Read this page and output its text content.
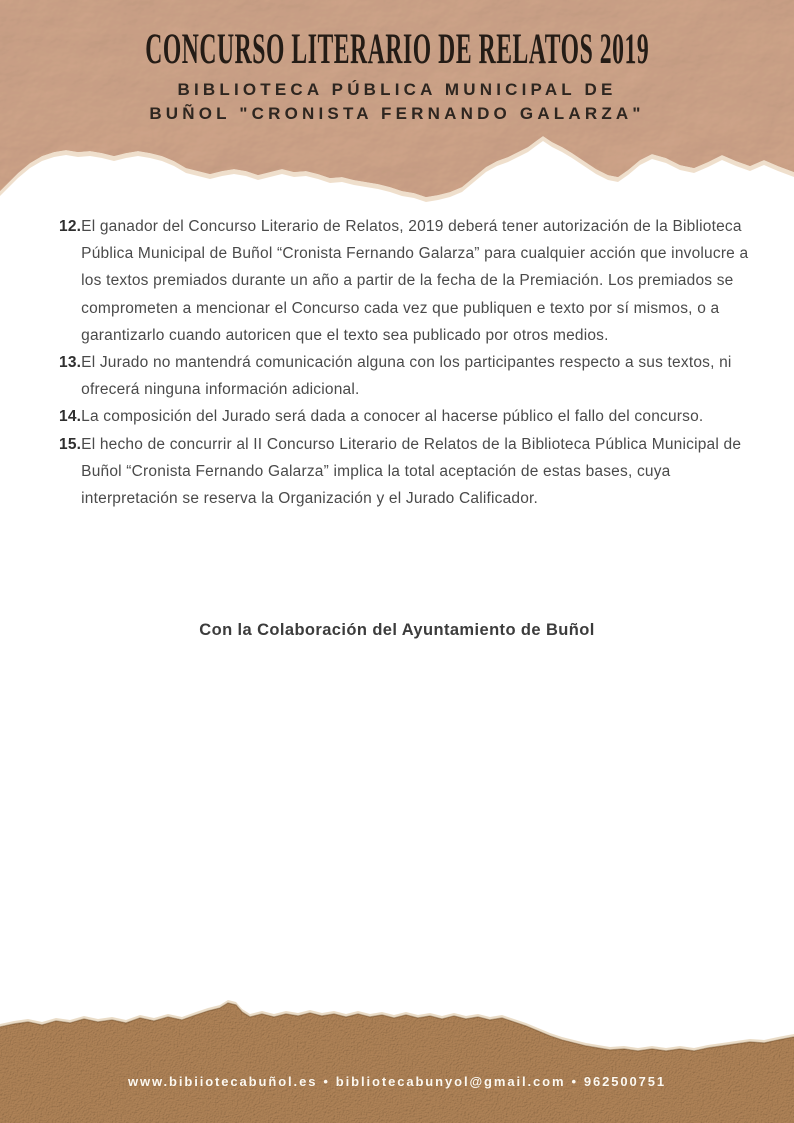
CONCURSO LITERARIO DE RELATOS 2019
BIBLIOTECA PÚBLICA MUNICIPAL DE
BUÑOL "CRONISTA FERNANDO GALARZA"
12. El ganador del Concurso Literario de Relatos, 2019 deberá tener autorización de la Biblioteca Pública Municipal de Buñol “Cronista Fernando Galarza” para cualquier acción que involucre a los textos premiados durante un año a partir de la fecha de la Premiación. Los premiados se comprometen a mencionar el Concurso cada vez que publiquen e texto por sí mismos, o a garantizarlo cuando autoricen que el texto sea publicado por otros medios.
13. El Jurado no mantendrá comunicación alguna con los participantes respecto a sus textos, ni ofrecerá ninguna información adicional.
14. La composición del Jurado será dada a conocer al hacerse público el fallo del concurso.
15. El hecho de concurrir al II Concurso Literario de Relatos de la Biblioteca Pública Municipal de Buñol “Cronista Fernando Galarza” implica la total aceptación de estas bases, cuya interpretación se reserva la Organización y el Jurado Calificador.
Con la Colaboración del Ayuntamiento de Buñol
www.bibiiotecabuñol.es • bibliotecabunyol@gmail.com • 962500751
